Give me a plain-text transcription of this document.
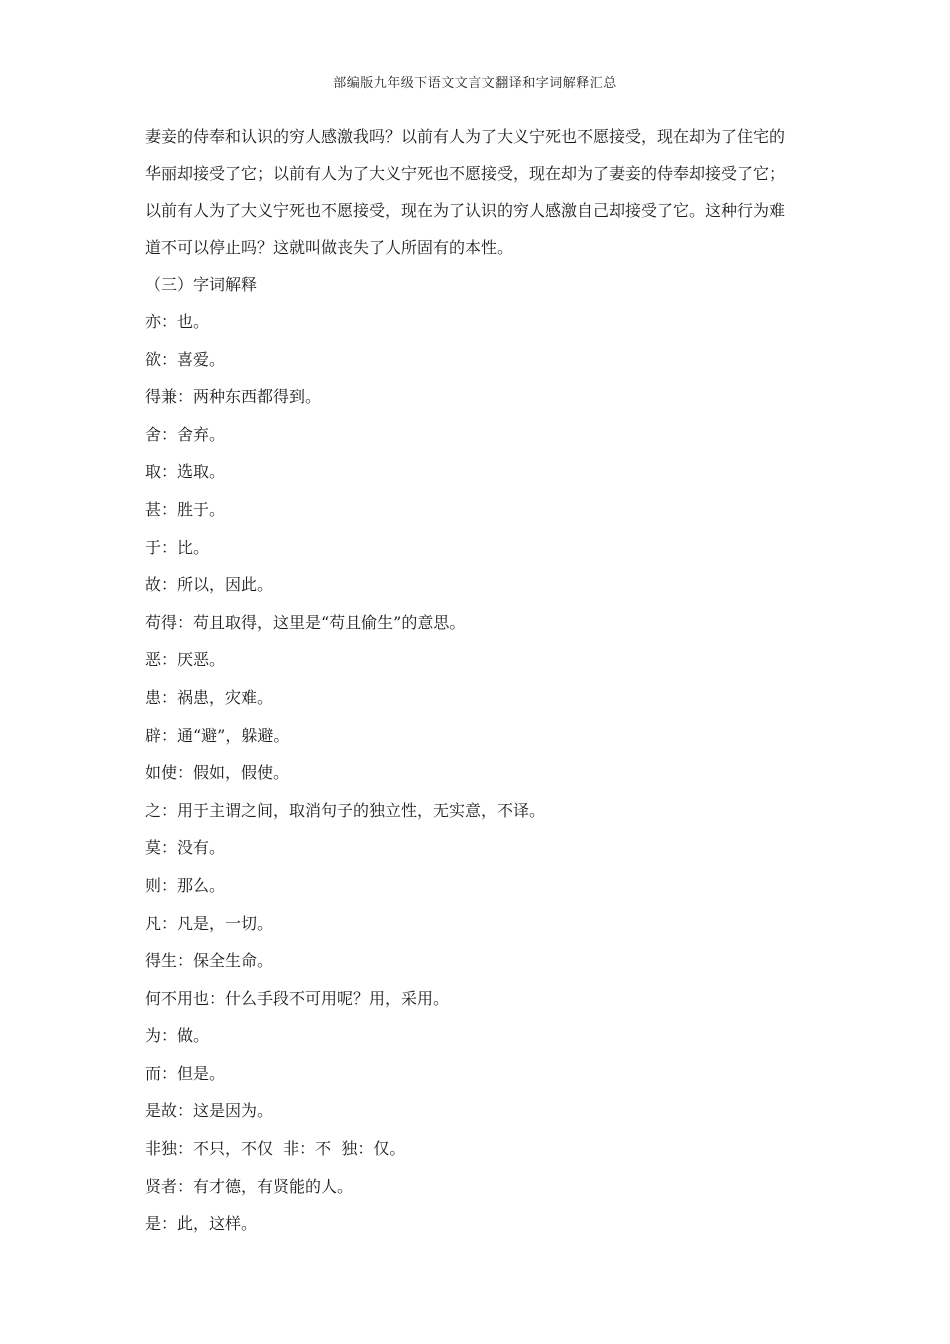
部编版九年级下语文文言文翻译和字词解释汇总

妻妾的侍奉和认识的穷人感激我吗？以前有人为了大义宁死也不愿接受，现在却为了住宅的

华丽却接受了它；以前有人为了大义宁死也不愿接受，现在却为了妻妾的侍奉却接受了它；

以前有人为了大义宁死也不愿接受，现在为了认识的穷人感激自己却接受了它。这种行为难

道不可以停止吗？这就叫做丧失了人所固有的本性。

（三）字词解释

亦：也。

欲：喜爱。

得兼：两种东西都得到。

舍：舍弃。

取：选取。

甚：胜于。

于：比。

故：所以，因此。

苟得：苟且取得，这里是“苟且偷生”的意思。

恶：厌恶。

患：祸患，灾难。

辟：通“避”，躲避。

如使：假如，假使。

之：用于主谓之间，取消句子的独立性，无实意，不译。

莫：没有。

则：那么。

凡：凡是，一切。

得生：保全生命。

何不用也：什么手段不可用呢？用，采用。

为：做。

而：但是。

是故：这是因为。

非独：不只，不仅  非：不  独：仅。

贤者：有才德，有贤能的人。

是：此，这样。
